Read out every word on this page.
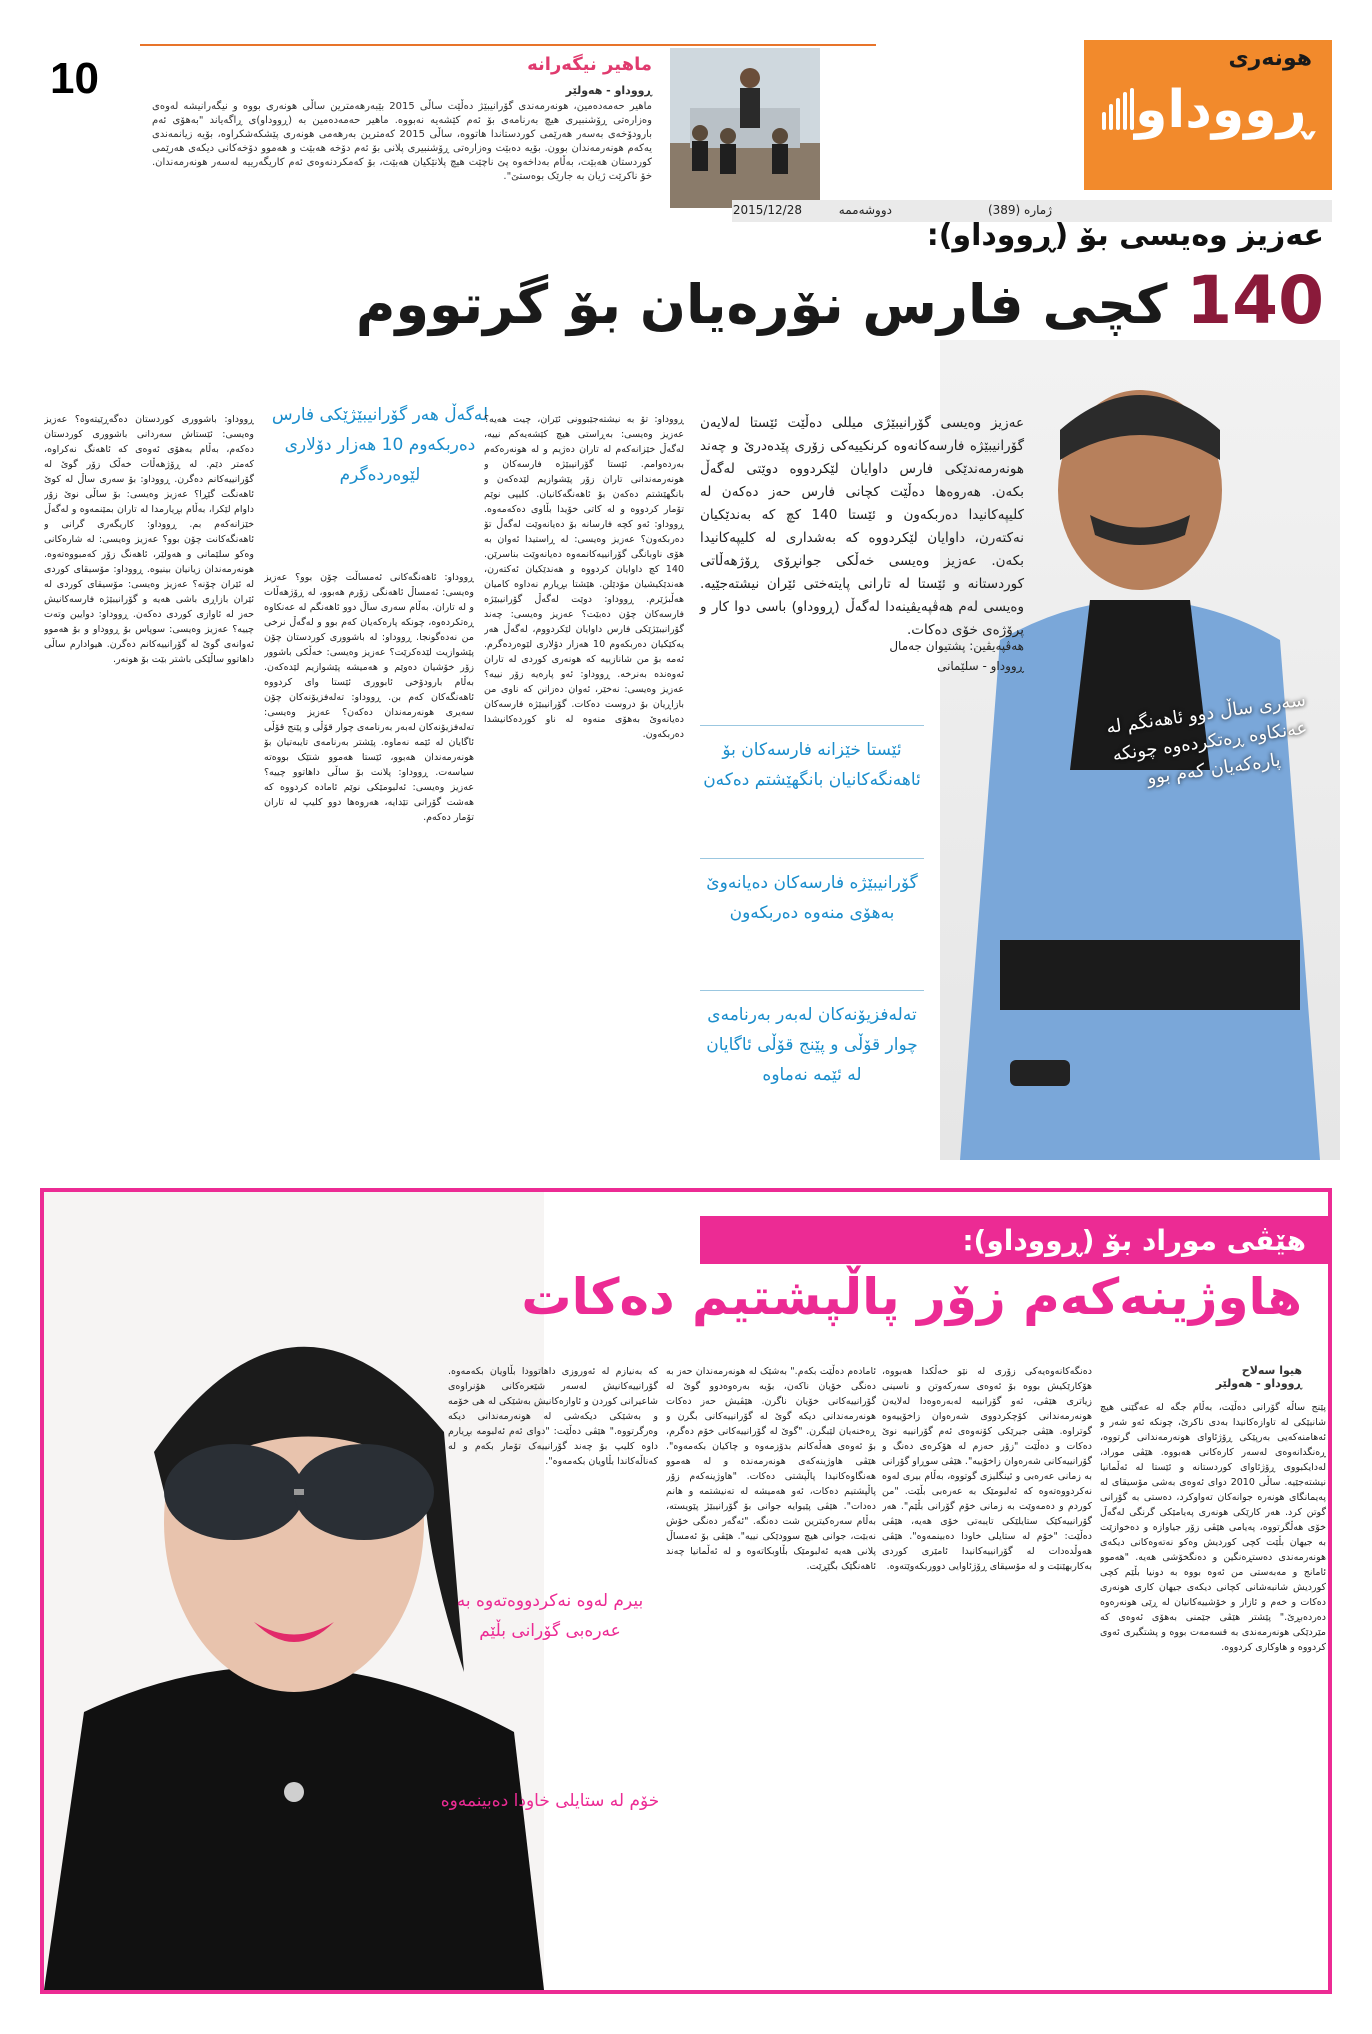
10	ماهیر نیگەرانە
ڕووداو - هەولێر
ماهیر حەمەدەمین، هونەرمەندی گۆرانیبێژ دەڵێت ساڵی 2015 بێبەرهەمترین ساڵی هونەری بووە و نیگەرانیشە لەوەی وەزارەتی ڕۆشنبیری هیچ بەرنامەی بۆ ئەم کێشەیە نەبووە. ماهیر حەمەدەمین بە (ڕووداو)ی ڕاگەیاند "بەهۆی ئەم بارودۆخەی بەسەر هەرێمی کوردستاندا هاتووە، ساڵی 2015 کەمترین بەرهەمی هونەری پێشکەشکراوە، بۆیە زیانمەندی یەکەم هونەرمەندان بوون. بۆیە دەبێت وەزارەتی ڕۆشنبیری پلانی بۆ ئەم دۆخە هەبێت و هەموو دۆخەکانی دیکەی هەرێمی کوردستان هەبێت، بەڵام بەداخەوە پێ ناچێت هیچ پلانێکیان هەبێت، بۆ کەمکردنەوەی ئەم کاریگەرییە لەسەر هونەرمەندان. خۆ ناکرێت ژیان بە جارێک بوەستێ".
هونەری
ڕووداو
ژمارە (389)
دووشەممە
2015/12/28
عەزیز وەیسی بۆ (ڕووداو):
140 کچی فارس نۆرەیان بۆ گرتووم
عەزیز وەیسی گۆرانیبێژی میللی دەڵێت ئێستا لەلایەن گۆرانیبێژە فارسەکانەوە کرنکییەکی زۆری پێدەدرێ و چەند هونەرمەندێکی فارس داوایان لێکردووە دوێتی لەگەڵ بکەن. هەروەها دەڵێت کچانی فارس حەز دەکەن لە کلیپەکانیدا دەربکەون و ئێستا 140 کچ کە بەندێکیان نەکتەرن، داوایان لێکردووە کە بەشداری لە کلیپەکانیدا بکەن. عەزیز وەیسی خەڵکی جوانڕۆی ڕۆژهەڵاتی کوردستانە و ئێستا لە تارانی پایتەختی ئێران نیشتەجێیە. وەیسی لەم هەڤپەیڤینەدا لەگەڵ (ڕووداو) باسی دوا کار و پرۆژەی خۆی دەکات.
هەڤپەیڤین: پشتیوان جەمال
ڕووداو - سلێمانی
سەری ساڵ دوو ئاهەنگم لە عەنکاوە ڕەتکردەوە چونکە پارەکەیان کەم بوو
ئێستا خێزانە فارسەکان بۆ ئاهەنگەکانیان بانگهێشتم دەکەن
گۆرانیبێژە فارسەکان دەیانەوێ بەهۆی منەوە دەربکەون
تەلەفزیۆنەکان لەبەر بەرنامەی چوار قۆڵی و پێنج قۆڵی ئاگایان لە ئێمە نەماوە
لەگەڵ هەر گۆرانیبێژێکی فارس دەربکەوم 10 هەزار دۆلاری لێوەردەگرم
ڕووداو: تۆ بە نیشتەجێبوونی ئێران، چیت هەیە؟ عەزیز وەیسی: بەڕاستی هیچ کێشەیەکم نییە، لەگەڵ خێزانەکەم لە تاران دەژیم و لە هونەرەکەم بەردەوامم. ئێستا گۆرانیبێژە فارسەکان و هونەرمەندانی تاران زۆر پێشوازیم لێدەکەن و بانگهێشتم دەکەن بۆ ئاهەنگەکانیان. کلیپی نوێم تۆمار کردووە و لە کاتی خۆیدا بڵاوی دەکەمەوە. ڕووداو: ئەو کچە فارسانە بۆ دەیانەوێت لەگەڵ تۆ دەربکەون؟ عەزیز وەیسی: لە ڕاستیدا ئەوان بە هۆی ناوبانگی گۆرانییەکانمەوە دەیانەوێت بناسرێن. 140 کچ داوایان کردووە و هەندێکیان ئەکتەرن، هەندێکیشیان مۆدێلن. هێشتا بڕیارم نەداوە کامیان هەڵبژێرم. ڕووداو: دوێت لەگەڵ گۆرانیبێژە فارسەکان چۆن دەبێت؟ عەزیز وەیسی: چەند گۆرانیبێژێکی فارس داوایان لێکردووم، لەگەڵ هەر یەکێکیان دەربکەوم 10 هەزار دۆلاری لێوەردەگرم. ئەمە بۆ من شانازییە کە هونەری کوردی لە تاران ئەوەندە بەنرخە. ڕووداو: ئەو پارەیە زۆر نییە؟ عەزیز وەیسی: نەخێر، ئەوان دەزانن کە ناوی من بازاڕیان بۆ دروست دەکات. گۆرانیبێژە فارسەکان دەیانەوێ بەهۆی منەوە لە ناو کوردەکانیشدا دەربکەون.
ڕووداو: ئاهەنگەکانی ئەمساڵت چۆن بوو؟ عەزیز وەیسی: ئەمساڵ ئاهەنگی زۆرم هەبوو، لە ڕۆژهەڵات و لە تاران. بەڵام سەری ساڵ دوو ئاهەنگم لە عەنکاوە ڕەتکردەوە، چونکە پارەکەیان کەم بوو و لەگەڵ نرخی من نەدەگونجا. ڕووداو: لە باشووری کوردستان چۆن پێشوازیت لێدەکرێت؟ عەزیز وەیسی: خەڵکی باشوور زۆر خۆشیان دەوێم و هەمیشە پێشوازیم لێدەکەن. بەڵام بارودۆخی ئابووری ئێستا وای کردووە ئاهەنگەکان کەم بن. ڕووداو: تەلەفزیۆنەکان چۆن سەیری هونەرمەندان دەکەن؟ عەزیز وەیسی: تەلەفزیۆنەکان لەبەر بەرنامەی چوار قۆڵی و پێنج قۆڵی ئاگایان لە ئێمە نەماوە. پێشتر بەرنامەی تایبەتیان بۆ هونەرمەندان هەبوو، ئێستا هەموو شتێک بووەتە سیاسەت. ڕووداو: پلانت بۆ ساڵی داهاتوو چییە؟ عەزیز وەیسی: ئەلبومێکی نوێم ئامادە کردووە کە هەشت گۆرانی تێدایە، هەروەها دوو کلیپ لە تاران تۆمار دەکەم.
ڕووداو: باشووری کوردستان دەگەڕێیتەوە؟ عەزیز وەیسی: ئێستاش سەردانی باشووری کوردستان دەکەم، بەڵام بەهۆی ئەوەی کە ئاهەنگ نەکراوە، کەمتر دێم. لە ڕۆژهەڵات خەڵک زۆر گوێ لە گۆرانییەکانم دەگرن. ڕووداو: بۆ سەری ساڵ لە کوێ ئاهەنگت گێڕا؟ عەزیز وەیسی: بۆ ساڵی نوێ زۆر داوام لێکرا، بەڵام بڕیارمدا لە تاران بمێنمەوە و لەگەڵ خێزانەکەم بم. ڕووداو: کاریگەری گرانی و ئاهەنگەکانت چۆن بوو؟ عەزیز وەیسی: لە شارەکانی وەکو سلێمانی و هەولێر، ئاهەنگ زۆر کەمبووەتەوە. هونەرمەندان زیانیان بینیوە. ڕووداو: مۆسیقای کوردی لە ئێران چۆنە؟ عەزیز وەیسی: مۆسیقای کوردی لە ئێران بازاڕی باشی هەیە و گۆرانیبێژە فارسەکانیش حەز لە ئاوازی کوردی دەکەن. ڕووداو: دوایین وتەت چییە؟ عەزیز وەیسی: سوپاس بۆ ڕووداو و بۆ هەموو ئەوانەی گوێ لە گۆرانییەکانم دەگرن. هیوادارم ساڵی داهاتوو ساڵێکی باشتر بێت بۆ هونەر.
هێڤی موراد بۆ (ڕووداو):
هاوژینەکەم زۆر پاڵپشتیم دەکات
هیوا سەلاح
ڕووداو - هەولێر
پێنج ساڵە گۆرانی دەڵێت، بەڵام جگە لە عەگێنی هیچ شانیێکی لە تاوازەکانیدا بەدی ناکرێ، چونکە ئەو شەر و ئەهامنەکەیی بەرپێکی ڕۆژئاوای هونەرمەندانی گرتووە، ڕەنگدانەوەی لەسەر کارەکانی هەبووە. هێڤی موراد، لەدایکبووی ڕۆژئاوای کوردستانە و ئێستا لە ئەڵمانیا نیشتەجێیە. ساڵی 2010 دوای ئەوەی بەشی مۆسیقای لە پەیمانگای هونەرە جوانەکان تەواوکرد، دەستی بە گۆرانی گوتن کرد. هەر کارێکی هونەری پەیامێکی گرنگی لەگەڵ خۆی هەڵگرتووە، پەیامی هێڤی زۆر جیاوازە و دەخوازێت بە جیهان بڵێت کچی کوردیش وەکو نەتەوەکانی دیکەی هونەرمەندی دەستڕەنگین و دەنگخۆشی هەیە. "هەموو ئامانج و مەبەستی من ئەوە بووە بە دونیا بڵێم کچی کوردیش شانبەشانی کچانی دیکەی جیهان کاری هونەری دەکات و خەم و ئازار و خۆشییەکانیان لە ڕێی هونەرەوە دەردەبڕێ." پێشتر هێڤی جێمنی بەهۆی ئەوەی کە مێردێکی هونەرمەندی بە قسەمەت بووە و پشتگیری ئەوی کردووە و هاوکاری کردووە.
دەنگەکانەوەیەکی زۆری لە نێو خەڵکدا هەبووە، هۆکارێکیش بووە بۆ ئەوەی سەرکەوتن و ناسینی زیاتری هێڤی، ئەو گۆرانییە لەبەرەوەدا لەلایەن هونەرمەندانی کۆچکردووی شەرەوان زاخۆییەوە گوتراوە. هێڤی جیرێکی کۆنەوەی ئەم گۆرانییە نوێ دەکات و دەڵێت "زۆر حەزم لە هۆکرەی دەنگ و گۆرانییەکانی شەرەوان زاخۆییە". هێڤی سوڕاو گۆرانی بە زمانی عەرەبی و ئینگلیزی گوتووە، بەڵام بیری لەوە نەکردووەتەوە کە ئەلبومێک بە عەرەبی بڵێت. "من کوردم و دەمەوێت بە زمانی خۆم گۆرانی بڵێم". هەر گۆرانییەکێک ستایلێکی تایبەتی خۆی هەیە، هێڤی دەڵێت: "خۆم لە ستایلی خاودا دەبینمەوە". هێڤی هەوڵدەدات لە گۆرانییەکانیدا ئامێری کوردی بەکاربهێنێت و لە مۆسیقای ڕۆژئاوایی دووربکەوێتەوە.
ئامادەم دەڵێت بکەم." بەشێک لە هونەرمەندان حەز بە دەنگی خۆیان ناکەن، بۆیە بەرەوەدوو گوێ لە گۆرانییەکانی خۆیان ناگرن. هێڤیش حەز دەکات هونەرمەندانی دیکە گوێ لە گۆرانییەکانی بگرن و ڕەخنەیان لێبگرن. "گوێ لە گۆرانییەکانی خۆم دەگرم، بۆ ئەوەی هەڵەکانم بدۆزمەوە و چاکیان بکەمەوە". هێڤی هاوژینەکەی هونەرمەندە و لە هەموو هەنگاوەکانیدا پاڵپشتی دەکات. "هاوژینەکەم زۆر پاڵپشتیم دەکات، ئەو هەمیشە لە تەنیشتمە و هانم دەدات". هێڤی پێیوایە جوانی بۆ گۆرانیبێژ پێویستە، بەڵام سەرەکیترین شت دەنگە. "ئەگەر دەنگی خۆش نەبێت، جوانی هیچ سوودێکی نییە". هێڤی بۆ ئەمساڵ پلانی هەیە ئەلبومێک بڵاوبکاتەوە و لە ئەڵمانیا چەند ئاهەنگێک بگێڕێت.
کە بەنیازم لە ئەوروزی داهاتوودا بڵاویان بکەمەوە. گۆرانییەکانیش لەسەر شێعرەکانی هۆنراوەی شاعیرانی کوردن و ئاوازەکانیش بەشێکی لە هی خۆمە و بەشێکی دیکەشی لە هونەرمەندانی دیکە وەرگرتووە." هێڤی دەڵێت: "دوای ئەم ئەلبومە بڕیارم داوە کلیپ بۆ چەند گۆرانییەک تۆمار بکەم و لە کەناڵەکاندا بڵاویان بکەمەوە".
بیرم لەوە نەکردووەتەوە بە عەرەبی گۆرانی بڵێم
خۆم لە ستایلی خاودا دەبینمەوە
